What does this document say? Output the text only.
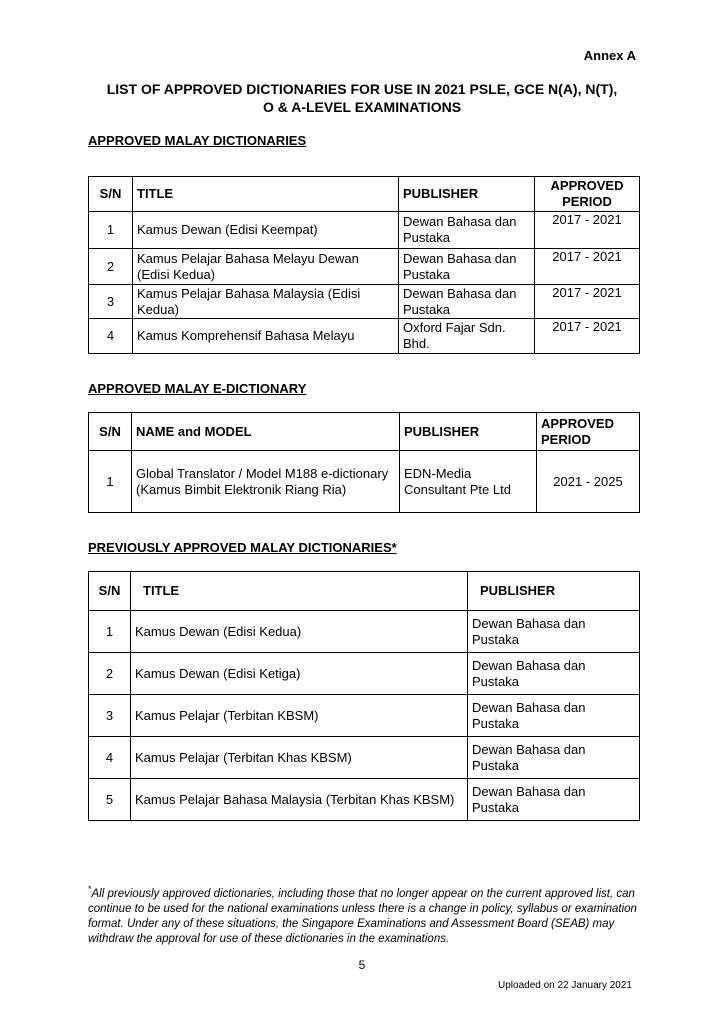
Annex A
LIST OF APPROVED DICTIONARIES FOR USE IN 2021 PSLE, GCE N(A), N(T),
O & A-LEVEL EXAMINATIONS
APPROVED MALAY DICTIONARIES
S/N	TITLE	PUBLISHER	APPROVED PERIOD
1	Kamus Dewan (Edisi Keempat)	Dewan Bahasa dan Pustaka	2017 - 2021
2	Kamus Pelajar Bahasa Melayu Dewan (Edisi Kedua)	Dewan Bahasa dan Pustaka	2017 - 2021
3	Kamus Pelajar Bahasa Malaysia (Edisi Kedua)	Dewan Bahasa dan Pustaka	2017 - 2021
4	Kamus Komprehensif Bahasa Melayu	Oxford Fajar Sdn. Bhd.	2017 - 2021
APPROVED MALAY E-DICTIONARY
S/N	NAME and MODEL	PUBLISHER	APPROVED PERIOD
1	Global Translator / Model M188 e-dictionary (Kamus Bimbit Elektronik Riang Ria)	EDN-Media Consultant Pte Ltd	2021 - 2025
PREVIOUSLY APPROVED MALAY DICTIONARIES*
S/N	TITLE	PUBLISHER
1	Kamus Dewan (Edisi Kedua)	Dewan Bahasa dan Pustaka
2	Kamus Dewan (Edisi Ketiga)	Dewan Bahasa dan Pustaka
3	Kamus Pelajar (Terbitan KBSM)	Dewan Bahasa dan Pustaka
4	Kamus Pelajar (Terbitan Khas KBSM)	Dewan Bahasa dan Pustaka
5	Kamus Pelajar Bahasa Malaysia (Terbitan Khas KBSM)	Dewan Bahasa dan Pustaka
*All previously approved dictionaries, including those that no longer appear on the current approved list, can continue to be used for the national examinations unless there is a change in policy, syllabus or examination format. Under any of these situations, the Singapore Examinations and Assessment Board (SEAB) may withdraw the approval for use of these dictionaries in the examinations.
5
Uploaded on 22 January 2021
